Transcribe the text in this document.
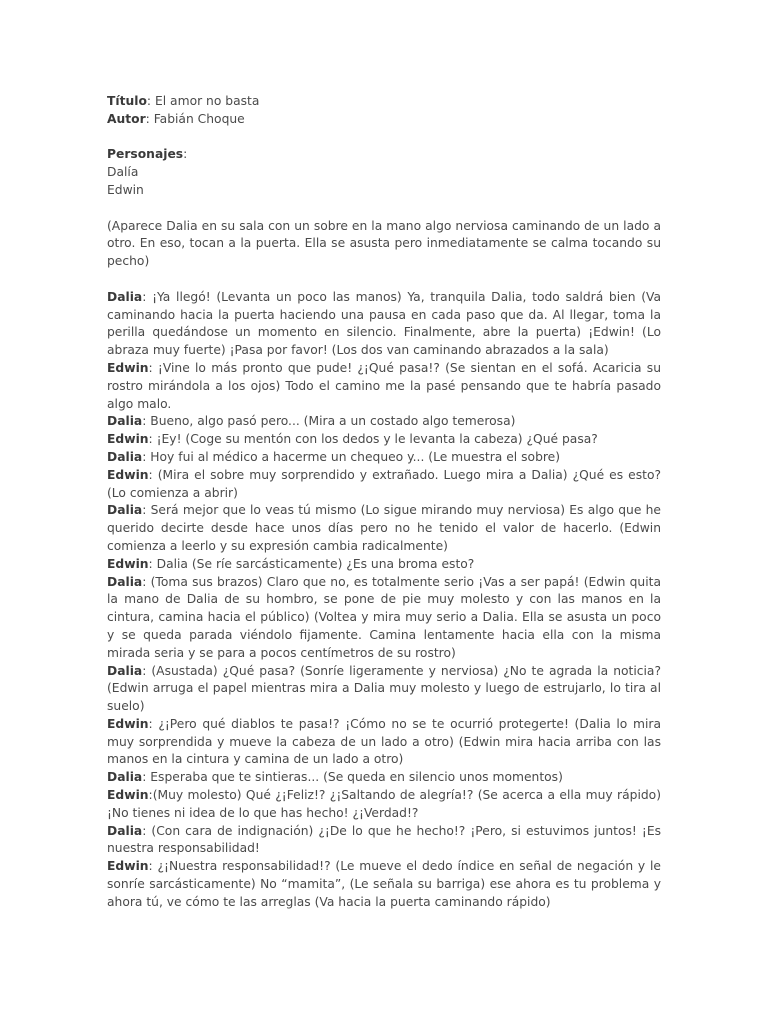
Título: El amor no basta

Autor: Fabián Choque

Personajes:

Dalía

Edwin

(Aparece Dalia en su sala con un sobre en la mano algo nerviosa caminando de un lado a otro. En eso, tocan a la puerta. Ella se asusta pero inmediatamente se calma tocando su pecho)

Dalia: ¡Ya llegó! (Levanta un poco las manos) Ya, tranquila Dalia, todo saldrá bien (Va caminando hacia la puerta haciendo una pausa en cada paso que da. Al llegar, toma la perilla quedándose un momento en silencio. Finalmente, abre la puerta) ¡Edwin! (Lo abraza muy fuerte) ¡Pasa por favor! (Los dos van caminando abrazados a la sala)

Edwin: ¡Vine lo más pronto que pude! ¿¡Qué pasa!? (Se sientan en el sofá. Acaricia su rostro mirándola a los ojos) Todo el camino me la pasé pensando que te habría pasado algo malo.

Dalia: Bueno, algo pasó pero... (Mira a un costado algo temerosa)

Edwin: ¡Ey! (Coge su mentón con los dedos y le levanta la cabeza) ¿Qué pasa?

Dalia: Hoy fui al médico a hacerme un chequeo y... (Le muestra el sobre)

Edwin: (Mira el sobre muy sorprendido y extrañado. Luego mira a Dalia) ¿Qué es esto? (Lo comienza a abrir)

Dalia: Será mejor que lo veas tú mismo (Lo sigue mirando muy nerviosa) Es algo que he querido decirte desde hace unos días pero no he tenido el valor de hacerlo. (Edwin comienza a leerlo y su expresión cambia radicalmente)

Edwin: Dalia (Se ríe sarcásticamente) ¿Es una broma esto?

Dalia: (Toma sus brazos) Claro que no, es totalmente serio ¡Vas a ser papá! (Edwin quita la mano de Dalia de su hombro, se pone de pie muy molesto y con las manos en la cintura, camina hacia el público) (Voltea y mira muy serio a Dalia. Ella se asusta un poco y se queda parada viéndolo fijamente. Camina lentamente hacia ella con la misma mirada seria y se para a pocos centímetros de su rostro)

Dalia: (Asustada) ¿Qué pasa? (Sonríe ligeramente y nerviosa) ¿No te agrada la noticia? (Edwin arruga el papel mientras mira a Dalia muy molesto y luego de estrujarlo, lo tira al suelo)

Edwin: ¿¡Pero qué diablos te pasa!? ¡Cómo no se te ocurrió protegerte! (Dalia lo mira muy sorprendida y mueve la cabeza de un lado a otro) (Edwin mira hacia arriba con las manos en la cintura y camina de un lado a otro)

Dalia: Esperaba que te sintieras... (Se queda en silencio unos momentos)

Edwin:(Muy molesto) Qué ¿¡Feliz!? ¿¡Saltando de alegría!? (Se acerca a ella muy rápido) ¡No tienes ni idea de lo que has hecho! ¿¡Verdad!?

Dalia: (Con cara de indignación) ¿¡De lo que he hecho!? ¡Pero, si estuvimos juntos! ¡Es nuestra responsabilidad!

Edwin: ¿¡Nuestra responsabilidad!? (Le mueve el dedo índice en señal de negación y le sonríe sarcásticamente) No “mamita”, (Le señala su barriga) ese ahora es tu problema y ahora tú, ve cómo te las arreglas (Va hacia la puerta caminando rápido)
